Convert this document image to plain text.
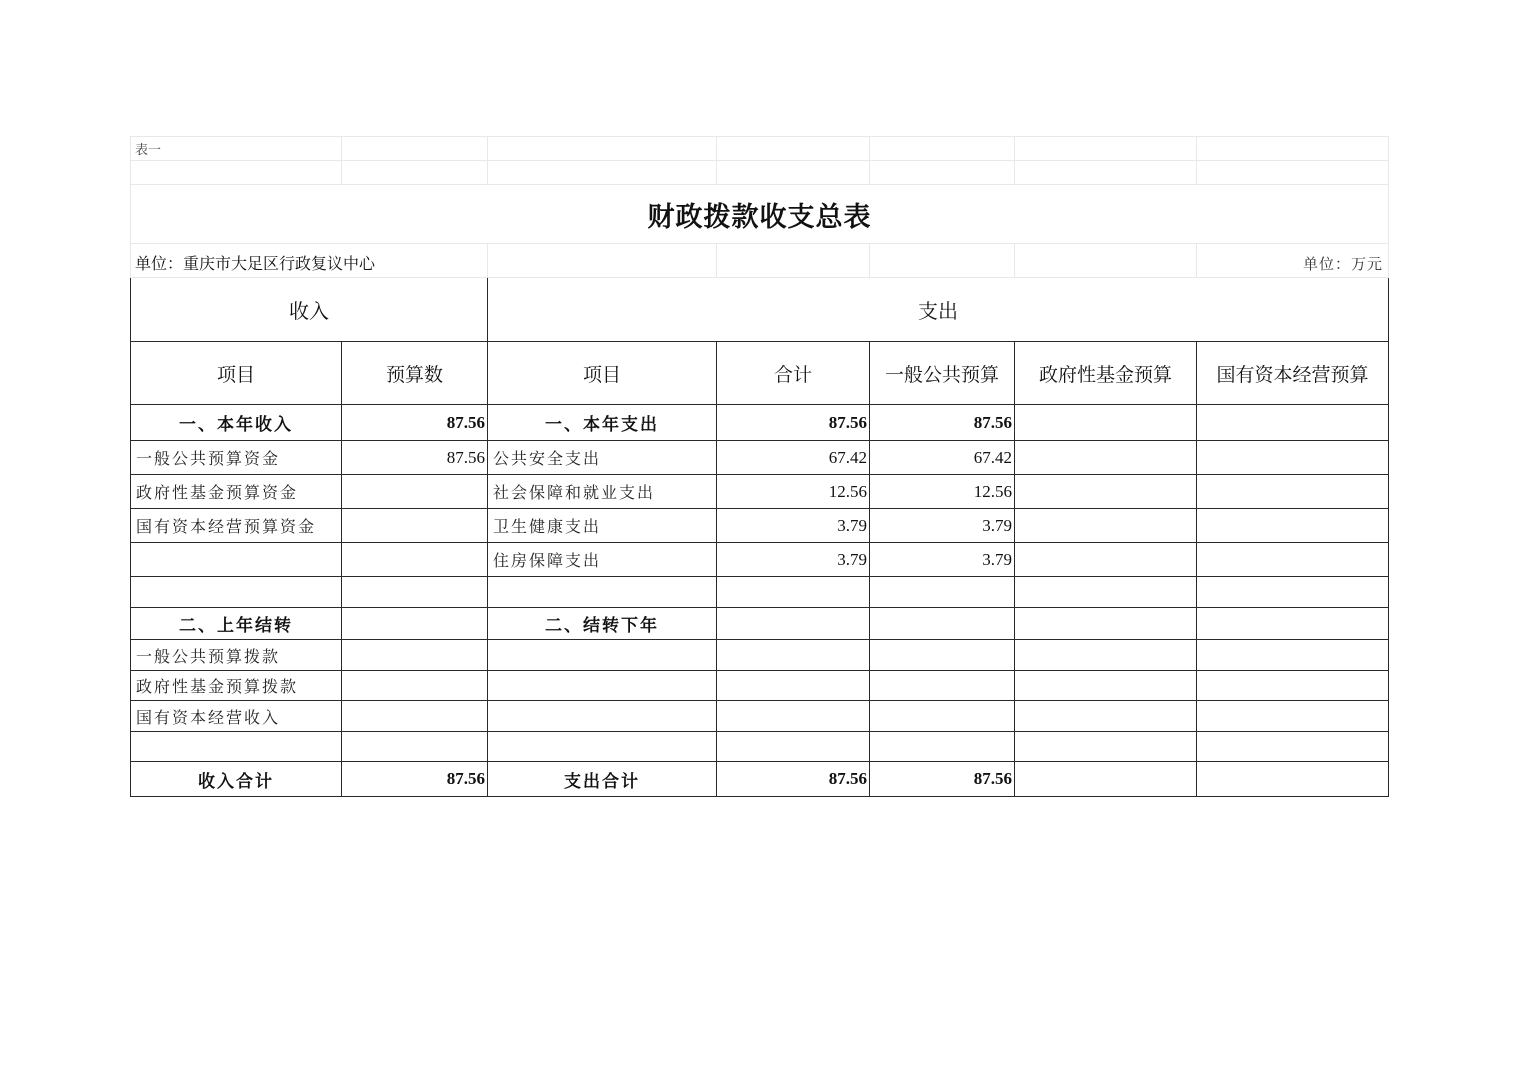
表一						

财政拨款收支总表						
单位：重庆市大足区行政复议中心						单位：万元
收入		支出				
项目	预算数	项目	合计	一般公共预算	政府性基金预算	国有资本经营预算
一、本年收入	87.56	一、本年支出	87.56	87.56		
一般公共预算资金	87.56	公共安全支出	67.42	67.42		
政府性基金预算资金		社会保障和就业支出	12.56	12.56		
国有资本经营预算资金		卫生健康支出	3.79	3.79		
		住房保障支出	3.79	3.79		

二、上年结转		二、结转下年				
一般公共预算拨款						
政府性基金预算拨款						
国有资本经营收入						

收入合计	87.56	支出合计	87.56	87.56		
